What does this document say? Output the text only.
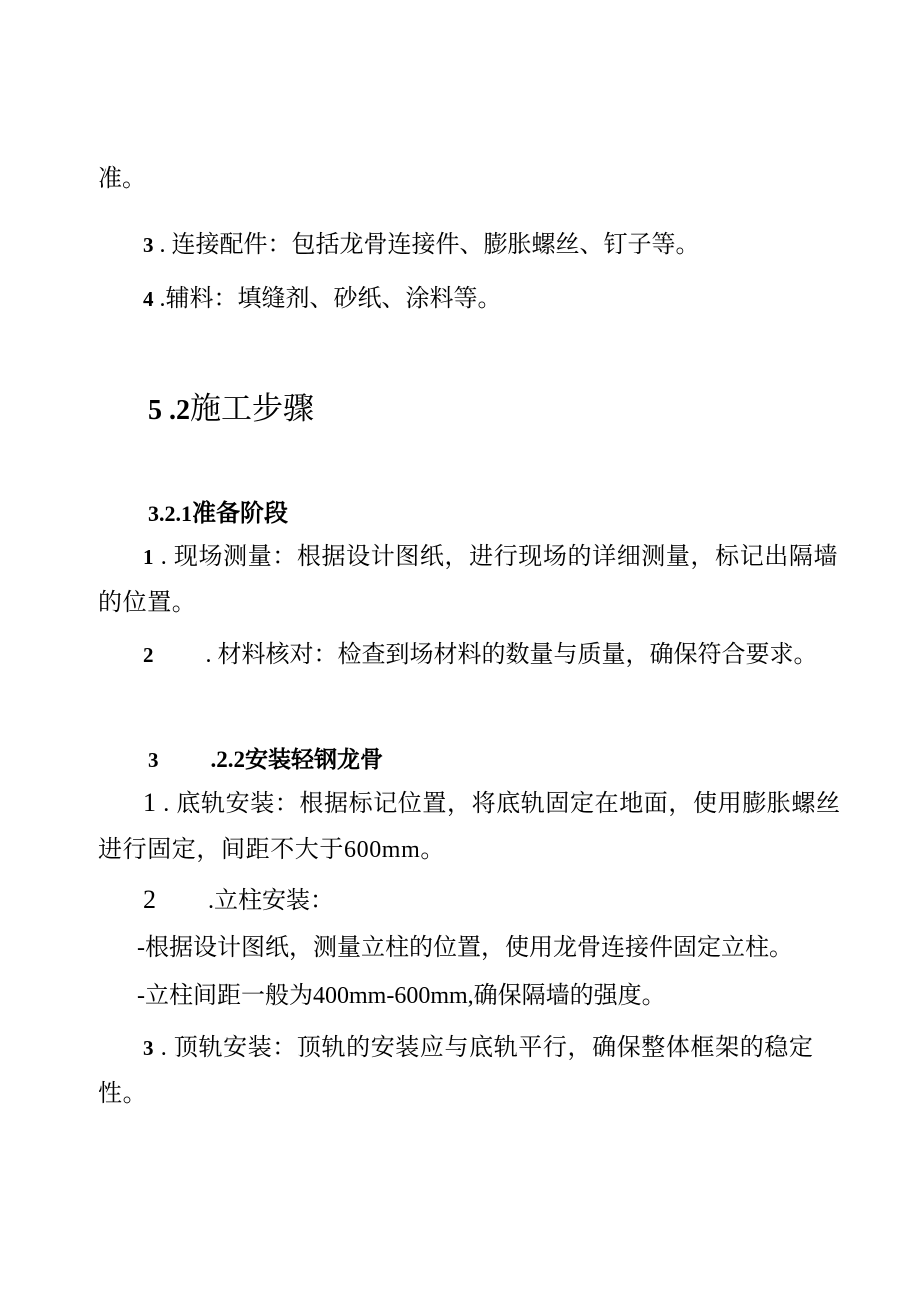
准。

3 . 连接配件：包括龙骨连接件、膨胀螺丝、钉子等。

4 .辅料：填缝剂、砂纸、涂料等。

5 .2施工步骤

3.2.1准备阶段

1 . 现场测量：根据设计图纸，进行现场的详细测量，标记出隔墙
的位置。

2 . 材料核对：检查到场材料的数量与质量，确保符合要求。

3 .2.2安装轻钢龙骨

1 . 底轨安装：根据标记位置，将底轨固定在地面，使用膨胀螺丝
进行固定，间距不大于600mm。

2 .立柱安装：

-根据设计图纸，测量立柱的位置，使用龙骨连接件固定立柱。

-立柱间距一般为400mm-600mm,确保隔墙的强度。

3 . 顶轨安装：顶轨的安装应与底轨平行，确保整体框架的稳定
性。
